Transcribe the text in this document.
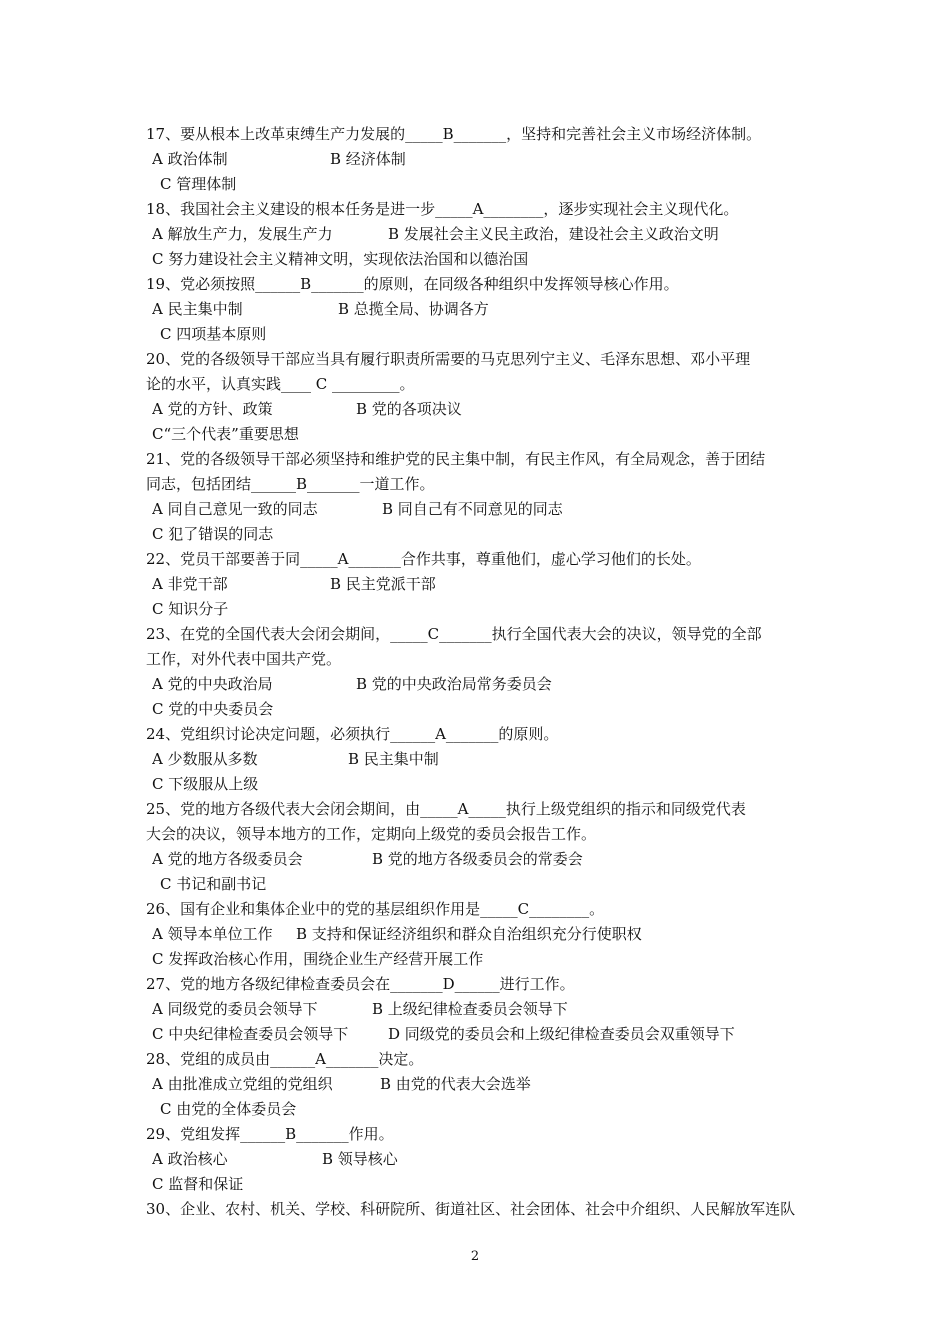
17、要从根本上改革束缚生产力发展的_____B_______，坚持和完善社会主义市场经济体制。
A 政治体制	B 经济体制
C 管理体制
18、我国社会主义建设的根本任务是进一步_____A________，逐步实现社会主义现代化。
A 解放生产力，发展生产力	B 发展社会主义民主政治，建设社会主义政治文明
C 努力建设社会主义精神文明，实现依法治国和以德治国
19、党必须按照______B_______的原则，在同级各种组织中发挥领导核心作用。
A 民主集中制	B 总揽全局、协调各方
C 四项基本原则
20、党的各级领导干部应当具有履行职责所需要的马克思列宁主义、毛泽东思想、邓小平理
论的水平，认真实践____ C _________。
A 党的方针、政策	B 党的各项决议
C“三个代表”重要思想
21、党的各级领导干部必须坚持和维护党的民主集中制，有民主作风，有全局观念，善于团结
同志，包括团结______B_______一道工作。
A 同自己意见一致的同志	B 同自己有不同意见的同志
C 犯了错误的同志
22、党员干部要善于同_____A_______合作共事，尊重他们，虚心学习他们的长处。
A 非党干部	B 民主党派干部
C 知识分子
23、在党的全国代表大会闭会期间，_____C_______执行全国代表大会的决议，领导党的全部
工作，对外代表中国共产党。
A 党的中央政治局	B 党的中央政治局常务委员会
C 党的中央委员会
24、党组织讨论决定问题，必须执行______A_______的原则。
A 少数服从多数	B 民主集中制
C 下级服从上级
25、党的地方各级代表大会闭会期间，由_____A_____执行上级党组织的指示和同级党代表
大会的决议，领导本地方的工作，定期向上级党的委员会报告工作。
A 党的地方各级委员会	B 党的地方各级委员会的常委会
C 书记和副书记
26、国有企业和集体企业中的党的基层组织作用是_____C________。
A 领导本单位工作 B 支持和保证经济组织和群众自治组织充分行使职权
C 发挥政治核心作用，围绕企业生产经营开展工作
27、党的地方各级纪律检查委员会在_______D______进行工作。
A 同级党的委员会领导下	B 上级纪律检查委员会领导下
C 中央纪律检查委员会领导下	D 同级党的委员会和上级纪律检查委员会双重领导下
28、党组的成员由______A_______决定。
A 由批准成立党组的党组织	B 由党的代表大会选举
C 由党的全体委员会
29、党组发挥______B_______作用。
A 政治核心	B 领导核心
C 监督和保证
30、企业、农村、机关、学校、科研院所、街道社区、社会团体、社会中介组织、人民解放军连队
2
